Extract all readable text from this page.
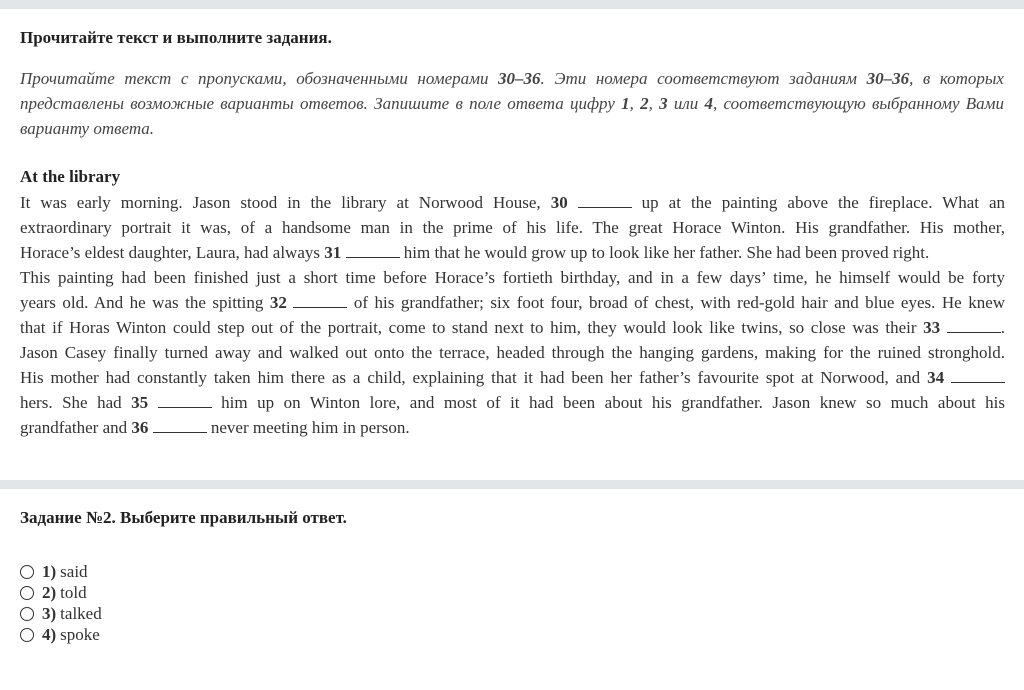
Прочитайте текст и выполните задания.

Прочитайте текст с пропусками, обозначенными номерами 30–36. Эти номера соответствуют заданиям 30–36, в которых представлены возможные варианты ответов. Запишите в поле ответа цифру 1, 2, 3 или 4, соответствующую выбранному Вами варианту ответа.

At the library
It was early morning. Jason stood in the library at Norwood House, 30	up at the painting above the fireplace. What an
extraordinary portrait it was, of a handsome man in the prime of his life. The great Horace Winton. His grandfather. His mother,
Horace’s eldest daughter, Laura, had always 31	him that he would grow up to look like her father. She had been proved right.
This painting had been finished just a short time before Horace’s fortieth birthday, and in a few days’ time, he himself would be forty
years old. And he was the spitting 32	of his grandfather; six foot four, broad of chest, with red-gold hair and blue eyes. He knew
that if Horas Winton could step out of the portrait, come to stand next to him, they would look like twins, so close was their 33	.
Jason Casey finally turned away and walked out onto the terrace, headed through the hanging gardens, making for the ruined stronghold.
His mother had constantly taken him there as a child, explaining that it had been her father’s favourite spot at Norwood, and 34
hers. She had 35	him up on Winton lore, and most of it had been about his grandfather. Jason knew so much about his
grandfather and 36	never meeting him in person.
Задание №2. Выберите правильный ответ.
1) said
2) told
3) talked
4) spoke
